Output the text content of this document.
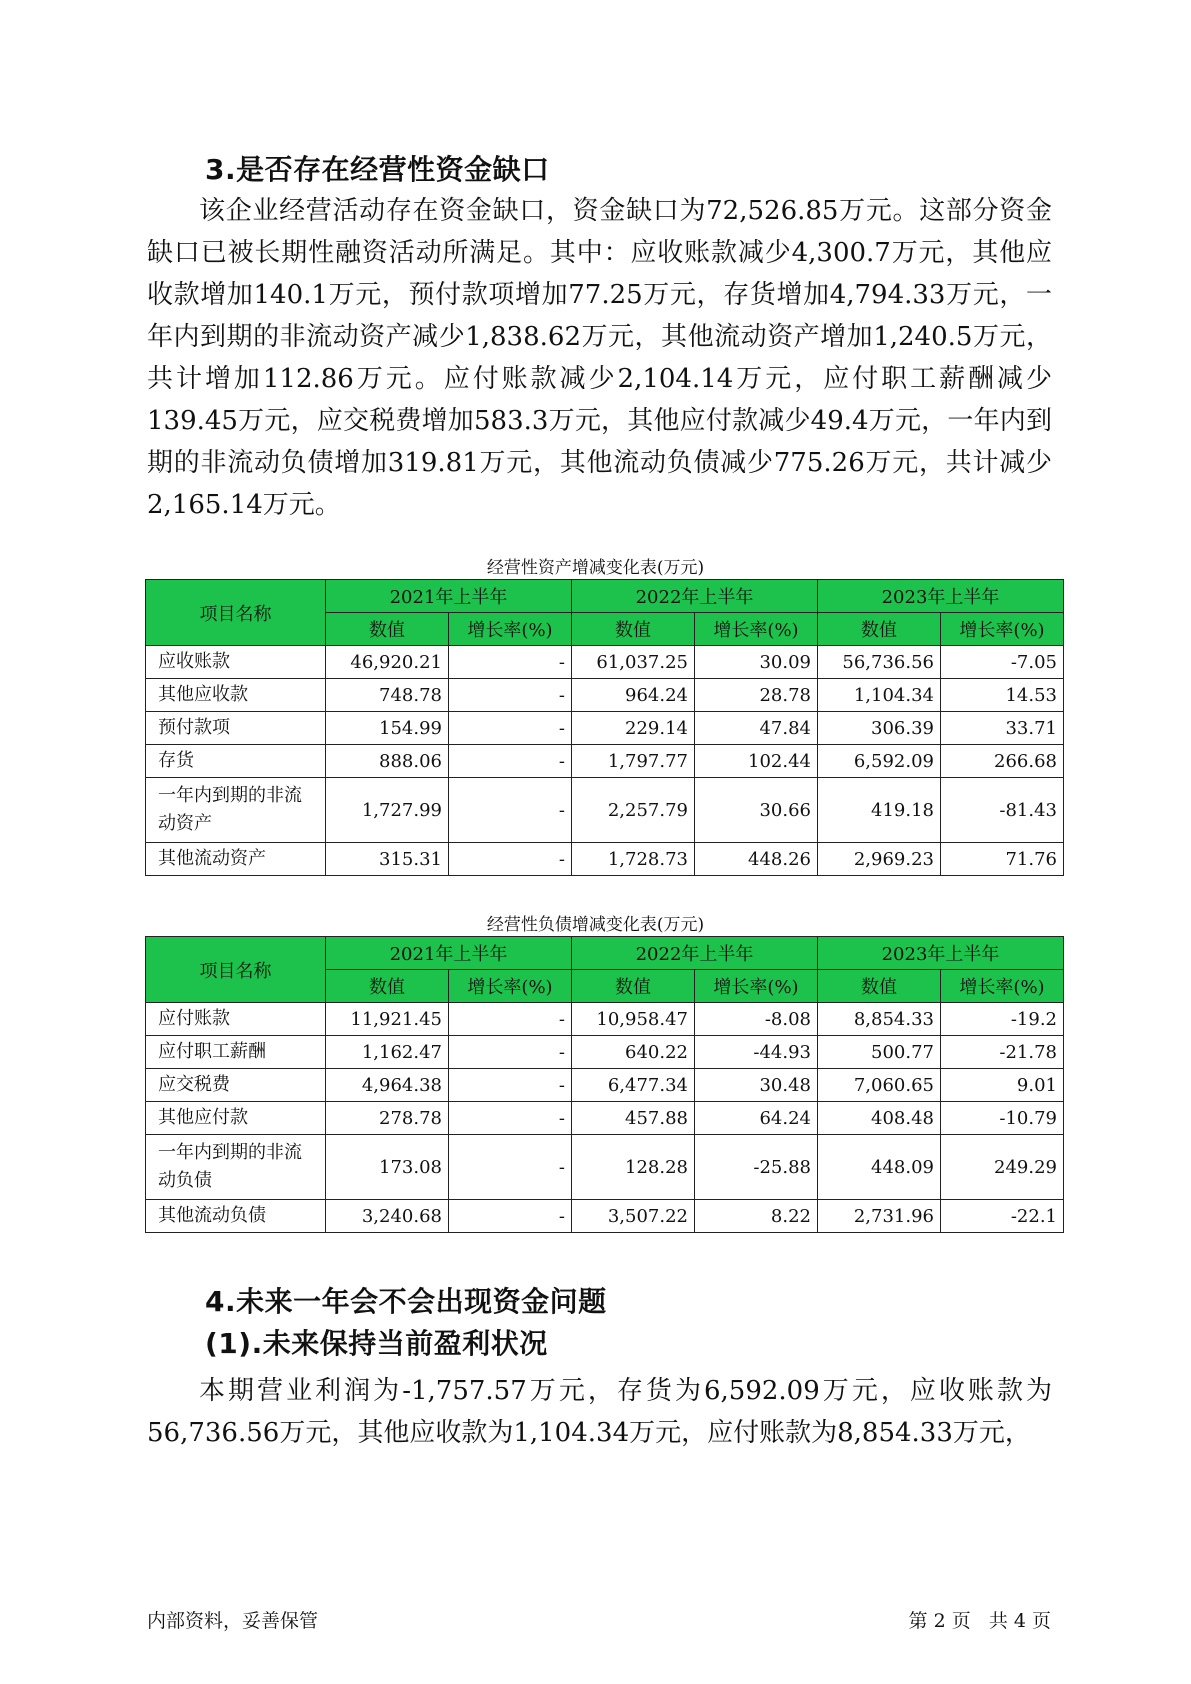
3.是否存在经营性资金缺口

该企业经营活动存在资金缺口，资金缺口为72,526.85万元。这部分资金缺口已被长期性融资活动所满足。其中：应收账款减少4,300.7万元，其他应收款增加140.1万元，预付款项增加77.25万元，存货增加4,794.33万元，一年内到期的非流动资产减少1,838.62万元，其他流动资产增加1,240.5万元，共计增加112.86万元。应付账款减少2,104.14万元，应付职工薪酬减少139.45万元，应交税费增加583.3万元，其他应付款减少49.4万元，一年内到期的非流动负债增加319.81万元，其他流动负债减少775.26万元，共计减少2,165.14万元。

经营性资产增减变化表(万元)

项目名称	2021年上半年		2022年上半年		2023年上半年	
	数值	增长率(%)	数值	增长率(%)	数值	增长率(%)
应收账款	46,920.21	-	61,037.25	30.09	56,736.56	-7.05
其他应收款	748.78	-	964.24	28.78	1,104.34	14.53
预付款项	154.99	-	229.14	47.84	306.39	33.71
存货	888.06	-	1,797.77	102.44	6,592.09	266.68
一年内到期的非流动资产	1,727.99	-	2,257.79	30.66	419.18	-81.43
其他流动资产	315.31	-	1,728.73	448.26	2,969.23	71.76

经营性负债增减变化表(万元)

项目名称	2021年上半年		2022年上半年		2023年上半年	
	数值	增长率(%)	数值	增长率(%)	数值	增长率(%)
应付账款	11,921.45	-	10,958.47	-8.08	8,854.33	-19.2
应付职工薪酬	1,162.47	-	640.22	-44.93	500.77	-21.78
应交税费	4,964.38	-	6,477.34	30.48	7,060.65	9.01
其他应付款	278.78	-	457.88	64.24	408.48	-10.79
一年内到期的非流动负债	173.08	-	128.28	-25.88	448.09	249.29
其他流动负债	3,240.68	-	3,507.22	8.22	2,731.96	-22.1
4.未来一年会不会出现资金问题
(1).未来保持当前盈利状况

本期营业利润为-1,757.57万元，存货为6,592.09万元，应收账款为56,736.56万元，其他应收款为1,104.34万元，应付账款为8,854.33万元，

内部资料，妥善保管	第 2 页   共 4 页
